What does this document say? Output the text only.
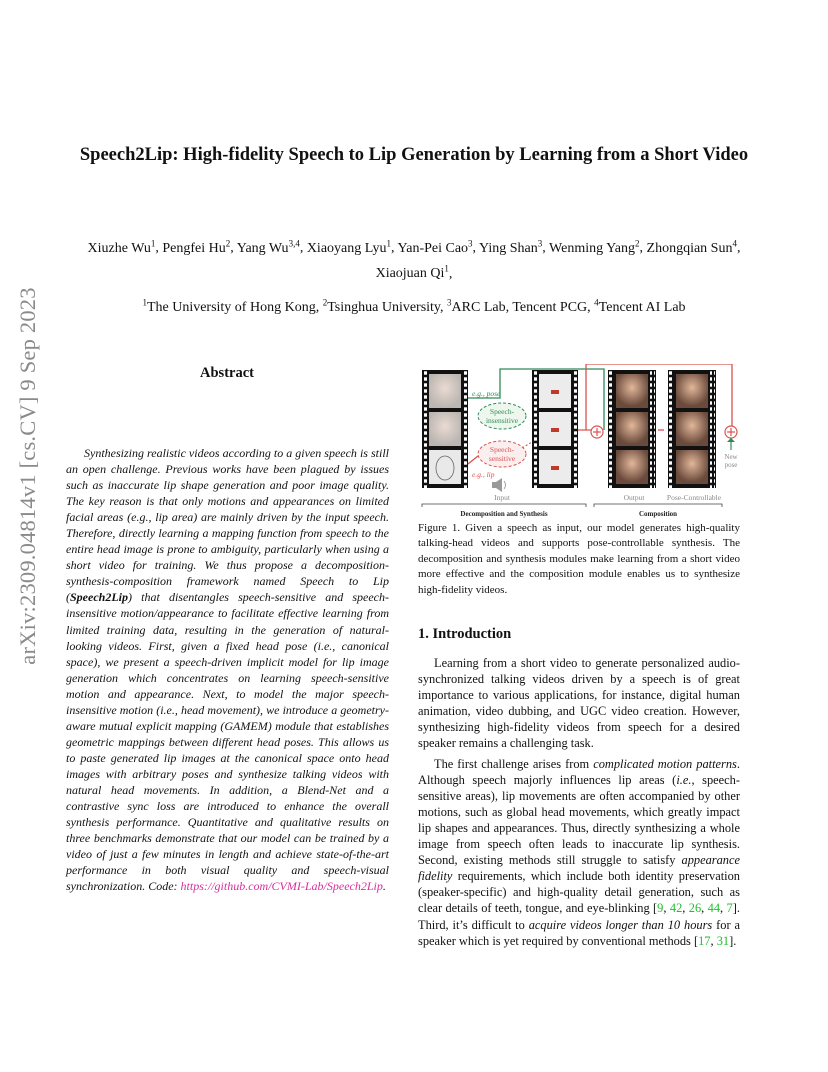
arXiv:2309.04814v1 [cs.CV] 9 Sep 2023
Speech2Lip: High-fidelity Speech to Lip Generation by Learning from a Short Video
Xiuzhe Wu$^1$, Pengfei Hu$^2$, Yang Wu$^{3,4}$, Xiaoyang Lyu$^1$, Yan-Pei Cao$^3$, Ying Shan$^3$, Wenming Yang$^2$, Zhongqian Sun$^4$, Xiaojuan Qi$^1$,
$^1$The University of Hong Kong, $^2$Tsinghua University, $^3$ARC Lab, Tencent PCG, $^4$Tencent AI Lab
Abstract

Synthesizing realistic videos according to a given speech is still an open challenge. Previous works have been plagued by issues such as inaccurate lip shape generation and poor image quality. The key reason is that only motions and appearances on limited facial areas (e.g., lip area) are mainly driven by the input speech. Therefore, directly learning a mapping function from speech to the entire head image is prone to ambiguity, particularly when using a short video for training. We thus propose a decomposition-synthesis-composition framework named Speech to Lip (Speech2Lip) that disentangles speech-sensitive and speech-insensitive motion/appearance to facilitate effective learning from limited training data, resulting in the generation of natural-looking videos. First, given a fixed head pose (i.e., canonical space), we present a speech-driven implicit model for lip image generation which concentrates on learning speech-sensitive motion and appearance. Next, to model the major speech-insensitive motion (i.e., head movement), we introduce a geometry-aware mutual explicit mapping (GAMEM) module that establishes geometric mappings between different head poses. This allows us to paste generated lip images at the canonical space onto head images with arbitrary poses and synthesize talking videos with natural head movements. In addition, a Blend-Net and a contrastive sync loss are introduced to enhance the overall synthesis performance. Quantitative and qualitative results on three benchmarks demonstrate that our model can be trained by a video of just a few minutes in length and achieve state-of-the-art performance in both visual quality and speech-visual synchronization. Code: https://github.com/CVMI-Lab/Speech2Lip.

Speech-
insensitive
Speech-
sensitive
e.g., pose
e.g., lip
Input	Output	Pose-Controllable
New
pose
Decomposition and Synthesis	Composition
Figure 1. Given a speech as input, our model generates high-quality talking-head videos and supports pose-controllable synthesis. The decomposition and synthesis modules make learning from a short video more effective and the composition module enables us to synthesize high-fidelity videos.
1. Introduction

Learning from a short video to generate personalized audio-synchronized talking videos driven by a speech is of great importance to various applications, for instance, digital human animation, video dubbing, and UGC video creation. However, synthesizing high-fidelity videos from speech for a desired speaker remains a challenging task.

The first challenge arises from complicated motion patterns. Although speech majorly influences lip areas (i.e., speech-sensitive areas), lip movements are often accompanied by other motions, such as global head movements, which greatly impact lip shapes and appearances. Thus, directly synthesizing a whole image from speech often leads to inaccurate lip synthesis. Second, existing methods still struggle to satisfy appearance fidelity requirements, which include both identity preservation (speaker-specific) and high-quality detail generation, such as clear details of teeth, tongue, and eye-blinking [9, 42, 26, 44, 7]. Third, it’s difficult to acquire videos longer than 10 hours for a speaker which is yet required by conventional methods [17, 31].
